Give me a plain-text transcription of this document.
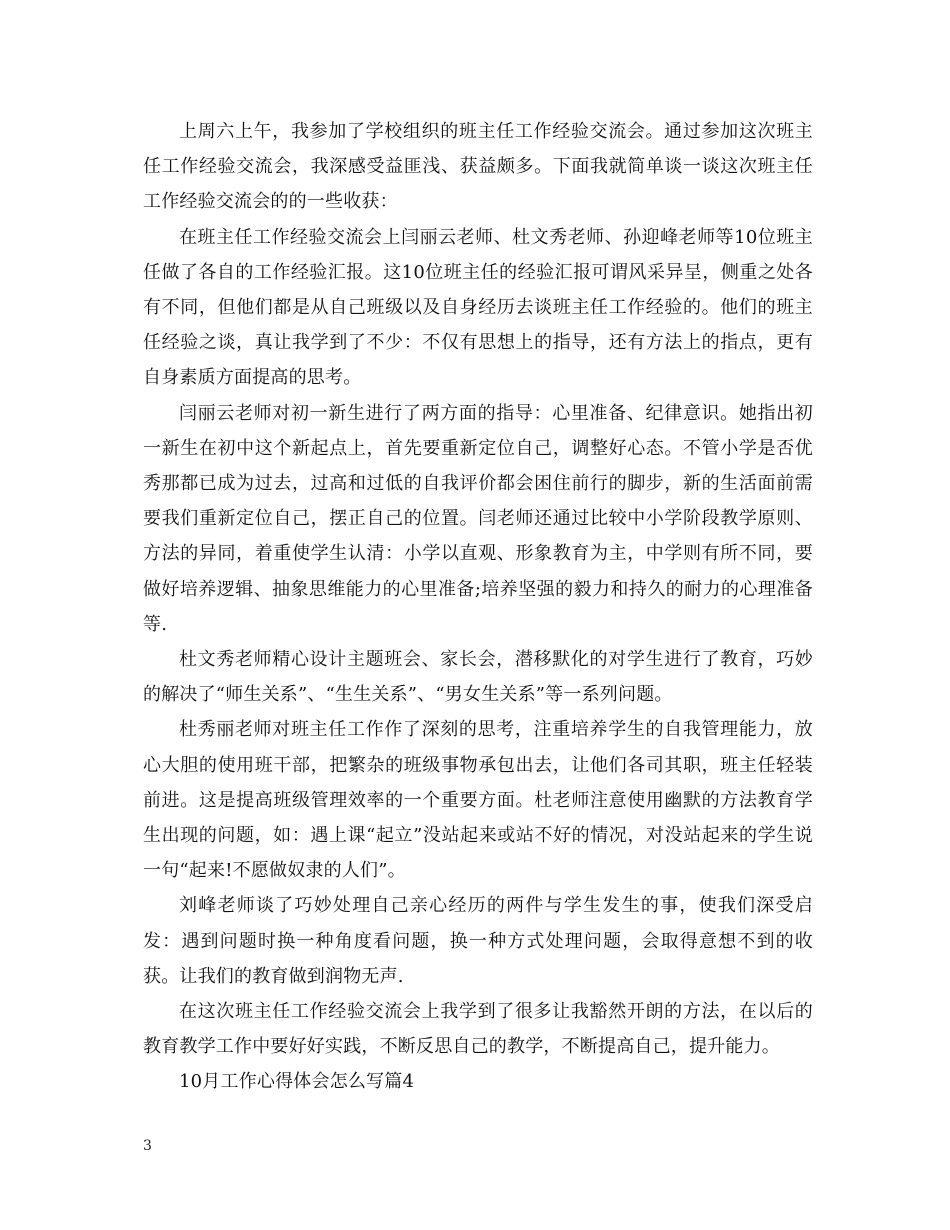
上周六上午，我参加了学校组织的班主任工作经验交流会。通过参加这次班主任工作经验交流会，我深感受益匪浅、获益颇多。下面我就简单谈一谈这次班主任工作经验交流会的的一些收获：

在班主任工作经验交流会上闫丽云老师、杜文秀老师、孙迎峰老师等10位班主任做了各自的工作经验汇报。这10位班主任的经验汇报可谓风采异呈，侧重之处各有不同，但他们都是从自己班级以及自身经历去谈班主任工作经验的。他们的班主任经验之谈，真让我学到了不少：不仅有思想上的指导，还有方法上的指点，更有自身素质方面提高的思考。

闫丽云老师对初一新生进行了两方面的指导：心里准备、纪律意识。她指出初一新生在初中这个新起点上，首先要重新定位自己，调整好心态。不管小学是否优秀那都已成为过去，过高和过低的自我评价都会困住前行的脚步，新的生活面前需要我们重新定位自己，摆正自己的位置。闫老师还通过比较中小学阶段教学原则、方法的异同，着重使学生认清：小学以直观、形象教育为主，中学则有所不同，要做好培养逻辑、抽象思维能力的心里准备;培养坚强的毅力和持久的耐力的心理准备等.

杜文秀老师精心设计主题班会、家长会，潜移默化的对学生进行了教育，巧妙的解决了“师生关系”、“生生关系”、“男女生关系”等一系列问题。

杜秀丽老师对班主任工作作了深刻的思考，注重培养学生的自我管理能力，放心大胆的使用班干部，把繁杂的班级事物承包出去，让他们各司其职，班主任轻装前进。这是提高班级管理效率的一个重要方面。杜老师注意使用幽默的方法教育学生出现的问题，如：遇上课“起立”没站起来或站不好的情况，对没站起来的学生说一句“起来!不愿做奴隶的人们”。

刘峰老师谈了巧妙处理自己亲心经历的两件与学生发生的事，使我们深受启发：遇到问题时换一种角度看问题，换一种方式处理问题，会取得意想不到的收获。让我们的教育做到润物无声.

在这次班主任工作经验交流会上我学到了很多让我豁然开朗的方法，在以后的教育教学工作中要好好实践，不断反思自己的教学，不断提高自己，提升能力。

10月工作心得体会怎么写篇4

3
